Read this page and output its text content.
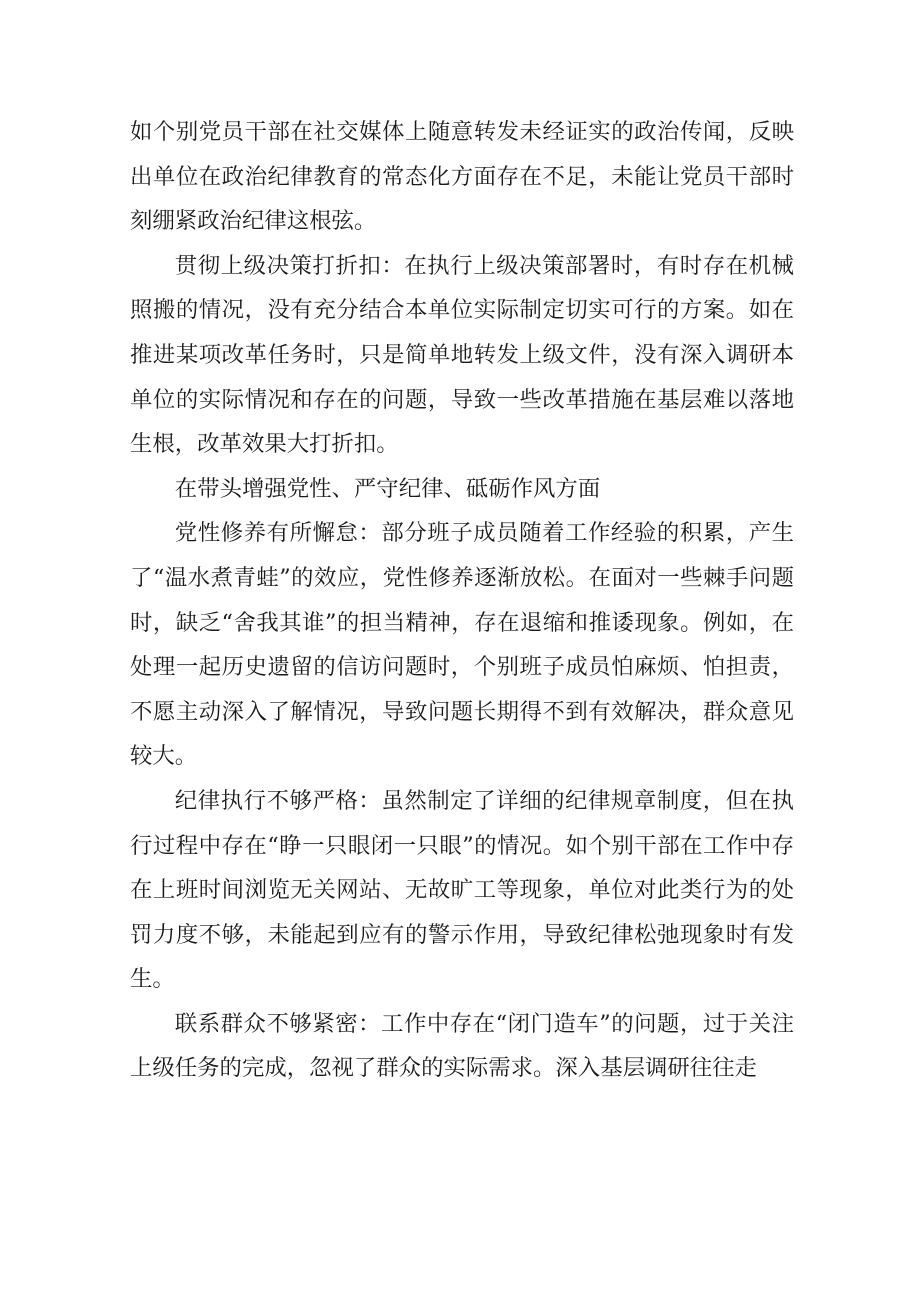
如个别党员干部在社交媒体上随意转发未经证实的政治传闻，反映出单位在政治纪律教育的常态化方面存在不足，未能让党员干部时刻绷紧政治纪律这根弦。

贯彻上级决策打折扣：在执行上级决策部署时，有时存在机械照搬的情况，没有充分结合本单位实际制定切实可行的方案。如在推进某项改革任务时，只是简单地转发上级文件，没有深入调研本单位的实际情况和存在的问题，导致一些改革措施在基层难以落地生根，改革效果大打折扣。

在带头增强党性、严守纪律、砥砺作风方面

党性修养有所懈怠：部分班子成员随着工作经验的积累，产生了“温水煮青蛙”的效应，党性修养逐渐放松。在面对一些棘手问题时，缺乏“舍我其谁”的担当精神，存在退缩和推诿现象。例如，在处理一起历史遗留的信访问题时，个别班子成员怕麻烦、怕担责，不愿主动深入了解情况，导致问题长期得不到有效解决，群众意见较大。

纪律执行不够严格：虽然制定了详细的纪律规章制度，但在执行过程中存在“睁一只眼闭一只眼”的情况。如个别干部在工作中存在上班时间浏览无关网站、无故旷工等现象，单位对此类行为的处罚力度不够，未能起到应有的警示作用，导致纪律松弛现象时有发生。

联系群众不够紧密：工作中存在“闭门造车”的问题，过于关注上级任务的完成，忽视了群众的实际需求。深入基层调研往往走
